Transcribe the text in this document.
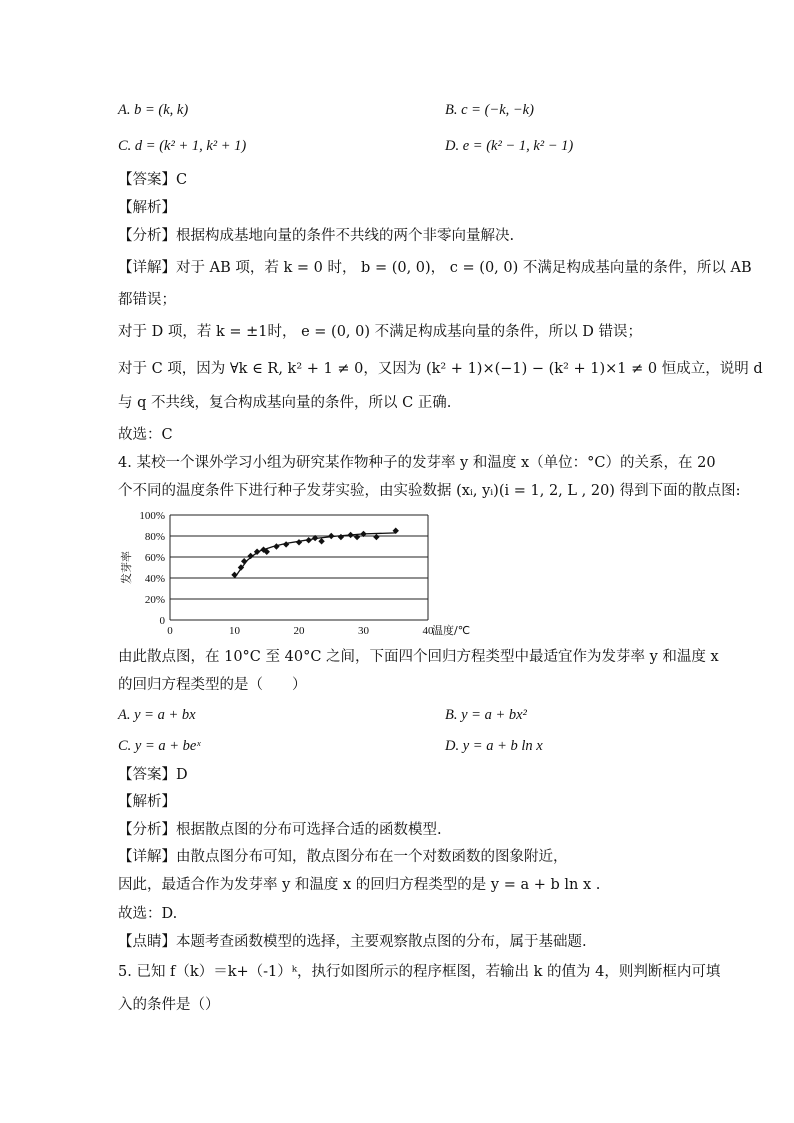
A. b = (k, k)	B. c = (−k, −k)
C. d = (k² + 1, k² + 1)	D. e = (k² − 1, k² − 1)
【答案】C
【解析】
【分析】根据构成基地向量的条件不共线的两个非零向量解决.
【详解】对于 AB 项，若 k = 0 时， b = (0, 0)， c = (0, 0) 不满足构成基向量的条件，所以 AB
都错误；
对于 D 项，若 k = ±1时， e = (0, 0) 不满足构成基向量的条件，所以 D 错误；
对于 C 项，因为 ∀k ∈ R, k² + 1 ≠ 0，又因为 (k² + 1)×(−1) − (k² + 1)×1 ≠ 0 恒成立，说明 d
与 q 不共线，复合构成基向量的条件，所以 C 正确.
故选：C
4. 某校一个课外学习小组为研究某作物种子的发芽率 y 和温度 x（单位：°C）的关系，在 20
个不同的温度条件下进行种子发芽实验，由实验数据 (xᵢ, yᵢ)(i = 1, 2, L , 20) 得到下面的散点图:
0
20%
40%
60%
80%
100%
0	10	20	30	40
温度/℃
发芽率
由此散点图，在 10°C 至 40°C 之间，下面四个回归方程类型中最适宜作为发芽率 y 和温度 x
的回归方程类型的是（　　）
A. y = a + bx	B. y = a + bx²
C. y = a + beˣ	D. y = a + b ln x
【答案】D
【解析】
【分析】根据散点图的分布可选择合适的函数模型.
【详解】由散点图分布可知，散点图分布在一个对数函数的图象附近，
因此，最适合作为发芽率 y 和温度 x 的回归方程类型的是 y = a + b ln x .
故选：D.
【点睛】本题考查函数模型的选择，主要观察散点图的分布，属于基础题.
5. 已知 f（k）＝k+（-1）ᵏ，执行如图所示的程序框图，若输出 k 的值为 4，则判断框内可填
入的条件是（）
